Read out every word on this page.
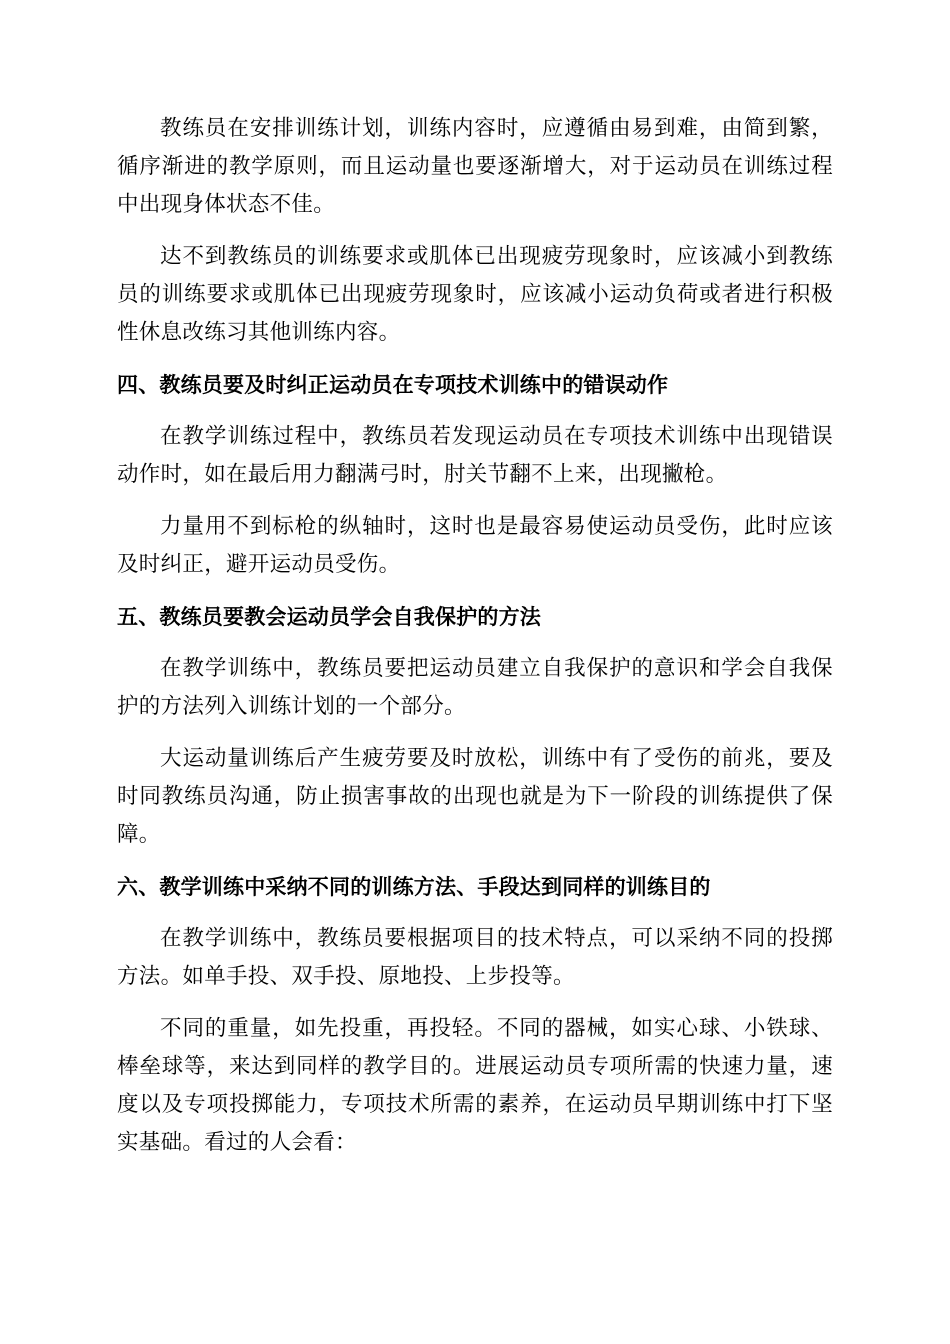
教练员在安排训练计划，训练内容时，应遵循由易到难，由简到繁，循序渐进的教学原则，而且运动量也要逐渐增大，对于运动员在训练过程中出现身体状态不佳。

达不到教练员的训练要求或肌体已出现疲劳现象时，应该减小到教练员的训练要求或肌体已出现疲劳现象时，应该减小运动负荷或者进行积极性休息改练习其他训练内容。

四、教练员要及时纠正运动员在专项技术训练中的错误动作

在教学训练过程中，教练员若发现运动员在专项技术训练中出现错误动作时，如在最后用力翻满弓时，肘关节翻不上来，出现撇枪。

力量用不到标枪的纵轴时，这时也是最容易使运动员受伤，此时应该及时纠正，避开运动员受伤。

五、教练员要教会运动员学会自我保护的方法

在教学训练中，教练员要把运动员建立自我保护的意识和学会自我保护的方法列入训练计划的一个部分。

大运动量训练后产生疲劳要及时放松，训练中有了受伤的前兆，要及时同教练员沟通，防止损害事故的出现也就是为下一阶段的训练提供了保障。

六、教学训练中采纳不同的训练方法、手段达到同样的训练目的

在教学训练中，教练员要根据项目的技术特点，可以采纳不同的投掷方法。如单手投、双手投、原地投、上步投等。

不同的重量，如先投重，再投轻。不同的器械，如实心球、小铁球、棒垒球等，来达到同样的教学目的。进展运动员专项所需的快速力量，速度以及专项投掷能力，专项技术所需的素养，在运动员早期训练中打下坚实基础。看过的人会看：
